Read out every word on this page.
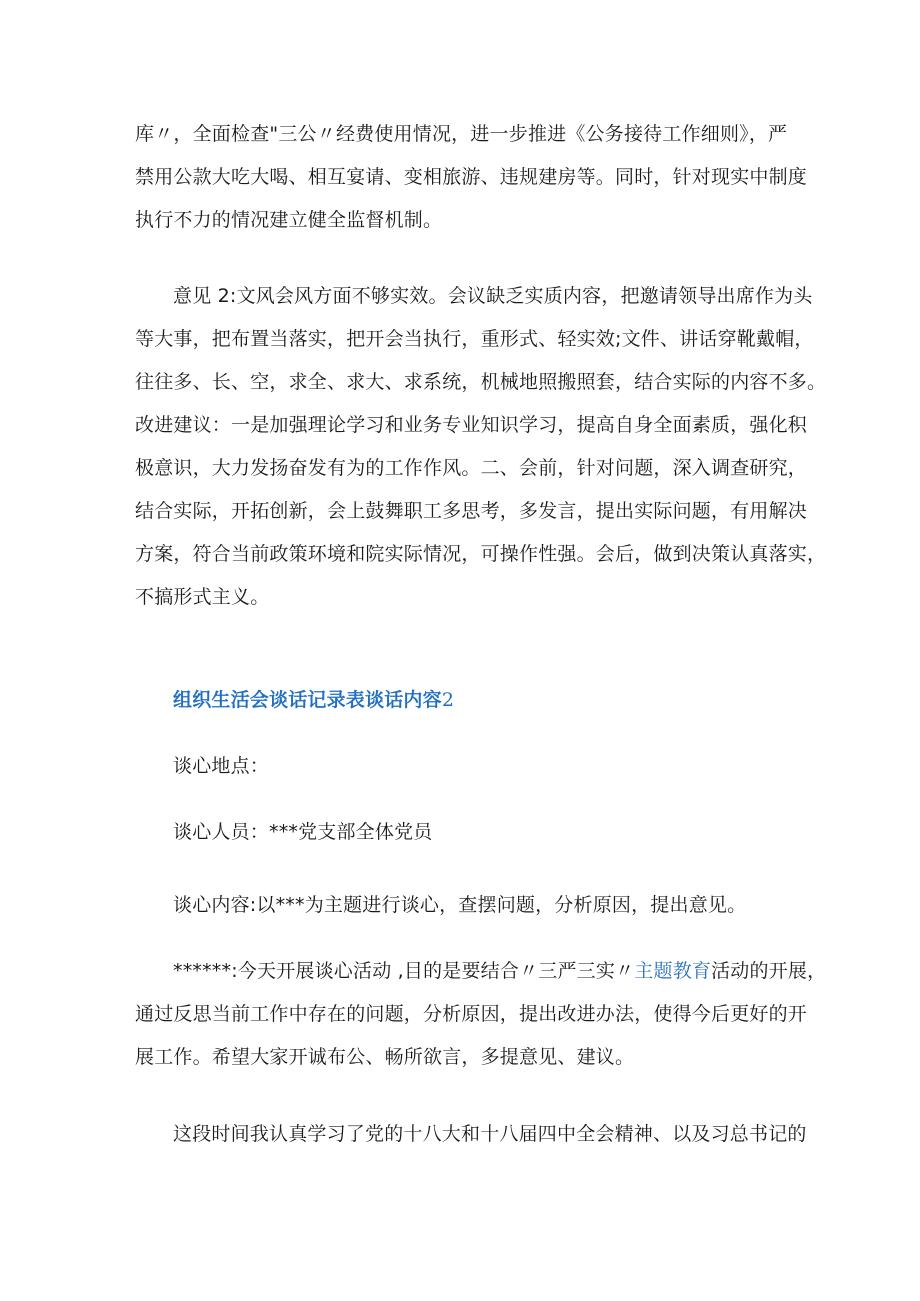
库〃，全面检查"三公〃经费使用情况，进一步推进《公务接待工作细则》，严
禁用公款大吃大喝、相互宴请、变相旅游、违规建房等。同时，针对现实中制度
执行不力的情况建立健全监督机制。
意见 2:文风会风方面不够实效。会议缺乏实质内容，把邀请领导出席作为头
等大事，把布置当落实，把开会当执行，重形式、轻实效;文件、讲话穿靴戴帽，
往往多、长、空，求全、求大、求系统，机械地照搬照套，结合实际的内容不多。
改进建议：一是加强理论学习和业务专业知识学习，提高自身全面素质，强化积
极意识，大力发扬奋发有为的工作作风。二、会前，针对问题，深入调查研究，
结合实际，开拓创新，会上鼓舞职工多思考，多发言，提出实际问题，有用解决
方案，符合当前政策环境和院实际情况，可操作性强。会后，做到决策认真落实，
不搞形式主义。
组织生活会谈话记录表谈话内容2
谈心地点：
谈心人员：***党支部全体党员
谈心内容:以***为主题进行谈心，查摆问题，分析原因，提出意见。
******:今天开展谈心活动 ,目的是要结合〃三严三实〃主题教育活动的开展，
通过反思当前工作中存在的问题，分析原因，提出改进办法，使得今后更好的开
展工作。希望大家开诚布公、畅所欲言，多提意见、建议。
这段时间我认真学习了党的十八大和十八届四中全会精神、以及习总书记的
